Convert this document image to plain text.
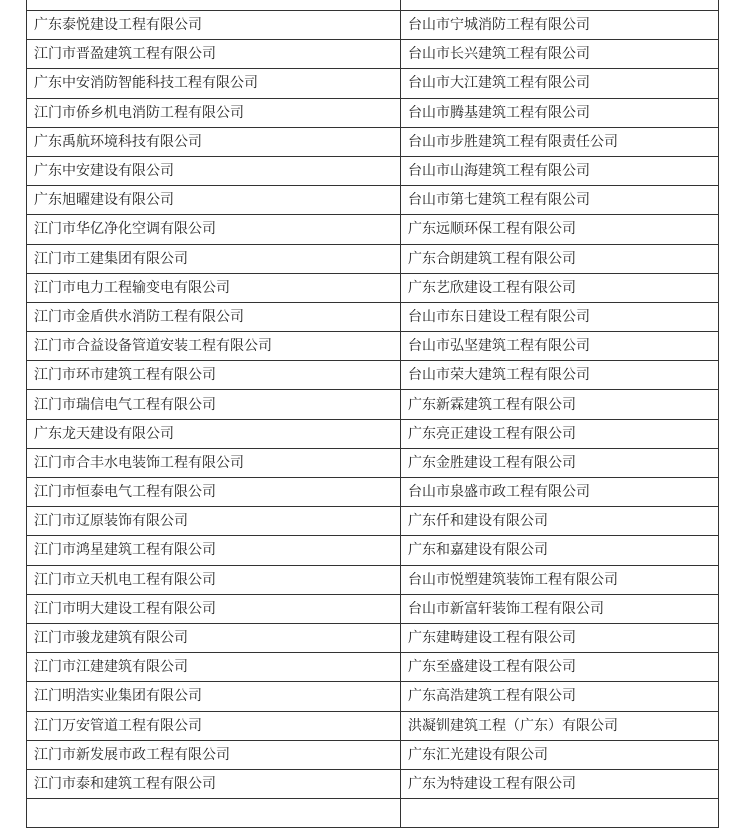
广东泰悦建设工程有限公司	台山市宁城消防工程有限公司
江门市晋盈建筑工程有限公司	台山市长兴建筑工程有限公司
广东中安消防智能科技工程有限公司	台山市大江建筑工程有限公司
江门市侨乡机电消防工程有限公司	台山市腾基建筑工程有限公司
广东禹航环境科技有限公司	台山市步胜建筑工程有限责任公司
广东中安建设有限公司	台山市山海建筑工程有限公司
广东旭曜建设有限公司	台山市第七建筑工程有限公司
江门市华亿净化空调有限公司	广东远顺环保工程有限公司
江门市工建集团有限公司	广东合朗建筑工程有限公司
江门市电力工程输变电有限公司	广东艺欣建设工程有限公司
江门市金盾供水消防工程有限公司	台山市东日建设工程有限公司
江门市合益设备管道安装工程有限公司	台山市弘坚建筑工程有限公司
江门市环市建筑工程有限公司	台山市荣大建筑工程有限公司
江门市瑞信电气工程有限公司	广东新霖建筑工程有限公司
广东龙天建设有限公司	广东亮正建设工程有限公司
江门市合丰水电装饰工程有限公司	广东金胜建设工程有限公司
江门市恒泰电气工程有限公司	台山市泉盛市政工程有限公司
江门市辽原装饰有限公司	广东仟和建设有限公司
江门市鸿星建筑工程有限公司	广东和嘉建设有限公司
江门市立天机电工程有限公司	台山市悦塑建筑装饰工程有限公司
江门市明大建设工程有限公司	台山市新富轩装饰工程有限公司
江门市骏龙建筑有限公司	广东建畴建设工程有限公司
江门市江建建筑有限公司	广东至盛建设工程有限公司
江门明浩实业集团有限公司	广东高浩建筑工程有限公司
江门万安管道工程有限公司	洪凝钏建筑工程（广东）有限公司
江门市新发展市政工程有限公司	广东汇光建设有限公司
江门市泰和建筑工程有限公司	广东为特建设工程有限公司
